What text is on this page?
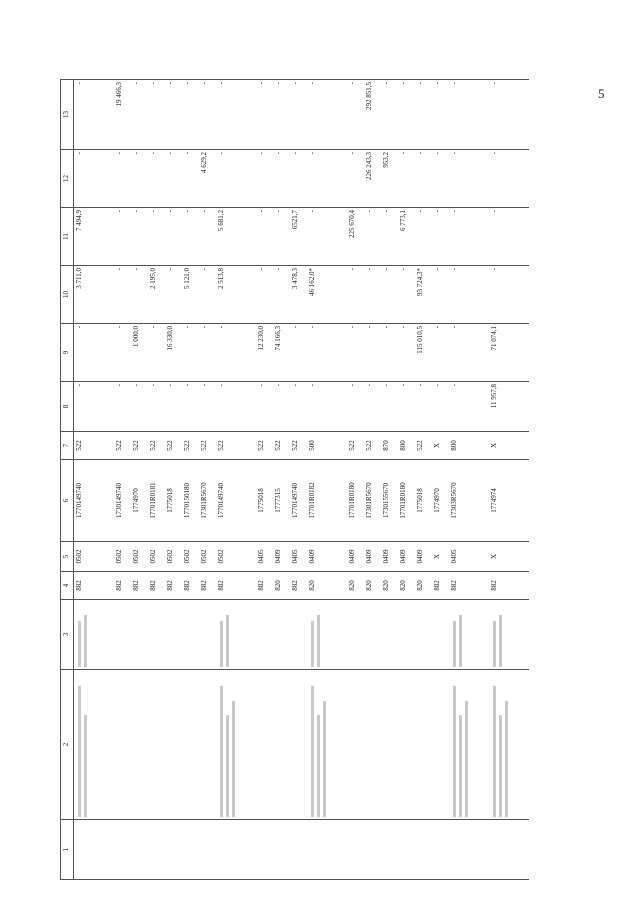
5
1	2	3	4	5	6	7	8	9	10	11	12	13

	882	0502	1770149740	522	-	-	3 711,0	7 494,9	-	-
			882	0502	1730149740	522	-	-	-	-	-	19 466,3
			882	0502	1774970	522	-	1 000,0	-	-	-	-
			882	0502	17701R0181	522	-	-	2 195,0	-	-	-
			882	0502	1775018	522	-	16 330,0	-	-	-	-
			882	0502	1770150180	522	-	-	5 121,0	-	-	-
			882	0502	17301R5670	522	-	-	-	-	4 629,2	-

	882	0502	1770149740	522	-	-	2 513,8	5 681,2	-	-
			882	0405	1775018	522	-	12 230,0	-	-	-	-
			820	0409	1777315	522	-	74 166,3	-	-	-	-
			882	0405	1770149740	522	-	-	3 478,3	6521,7	-	-

	820	0409	17701R0182	500	-	-	46 162,0*	-	-	-
			820	0409	17701R0180	522	-	-	-	225 670,4	-	-
			820	0409	17301R5670	522	-	-	-	-	226 243,3	292 851,5
			820	0409	1730155670	870	-	-	-	-	953,2	-
			820	0409	17701R0180	800	-	-	-	6 773,1	-	-
			820	0409	1775018	522	-	115 010,5	93 724,3*	-	-	-
			882	X	1774970	X	-	-	-	-	-	-

	882	0405	17303R5670	800	-	-	-	-	-	-

	882	X	1774974	X	11 957,8	71 074,1	-	-	-	-
